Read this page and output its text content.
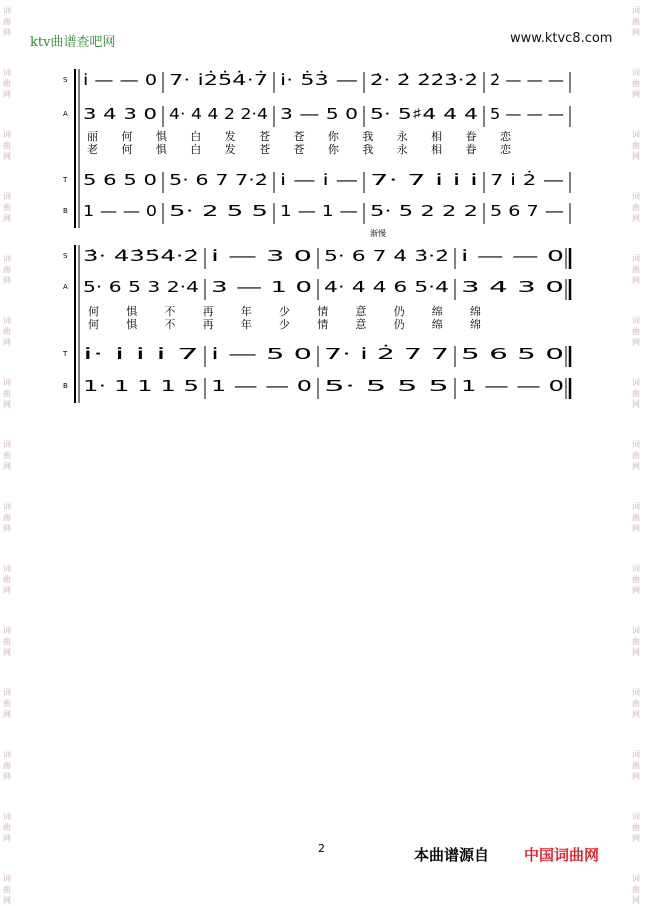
词
曲
网
词
曲
网
词
曲
网
词
曲
网
词
曲
网
词
曲
网
词
曲
网
词
曲
网
词
曲
网
词
曲
网
词
曲
网
词
曲
网
词
曲
网
词
曲
网
词
曲
网
词
曲
网
词
曲
网
词
曲
网
词
曲
网
词
曲
网
词
曲
网
词
曲
网
词
曲
网
词
曲
网
词
曲
网
词
曲
网
词
曲
网
词
曲
网
词
曲
网
词
曲
网
ktv曲谱查吧网	www.ktvc8.com
S i̇ — — 0 7· i̇2̇5̇4̇·7̇ i̇· 5̇3̇ — 2̇· 2̇ 2̇2̇3̇·2̇ 2̇ — — —
A 3 4 3 0 4· 4 4 2 2·4 3 — 5 0 5· 5♯4 4 4 5 — — —
T 5 6 5 0 5· 6 7 7·2̇ i̇ — i̇ — 7· 7 i̇ i̇ i̇ 7 i̇ 2̇ —
B 1 — — 0 5· 2 5 5 1 — 1 — 5· 5 2 2 2 5 6 7 —
丽 何 惧 白 发 苍 苍 你 我 永 相 眷 恋
老 何 惧 白 发 苍 苍 你 我 永 相 眷 恋
S 3̇· 4̇3̇5̇4̇·2̇ i̇ — 3 0 5· 6 7 4̇ 3̇·2̇ i̇ — — 0
A 5· 6 5 3 2·4 3 — 1 0 4· 4 4 6 5·4 3 4 3 0
T i̇· i̇ i̇ i̇ 7 i̇ — 5 0 7· i̇ 2̇ 7 7 5 6 5 0
B 1· 1 1 1 5 1 — — 0 5· 5 5 5 1 — — 0
何 惧 不 再 年 少 情 意 仍 绵 绵
何 惧 不 再 年 少 情 意 仍 绵 绵
渐慢
2	本曲谱源自 中国词曲网
